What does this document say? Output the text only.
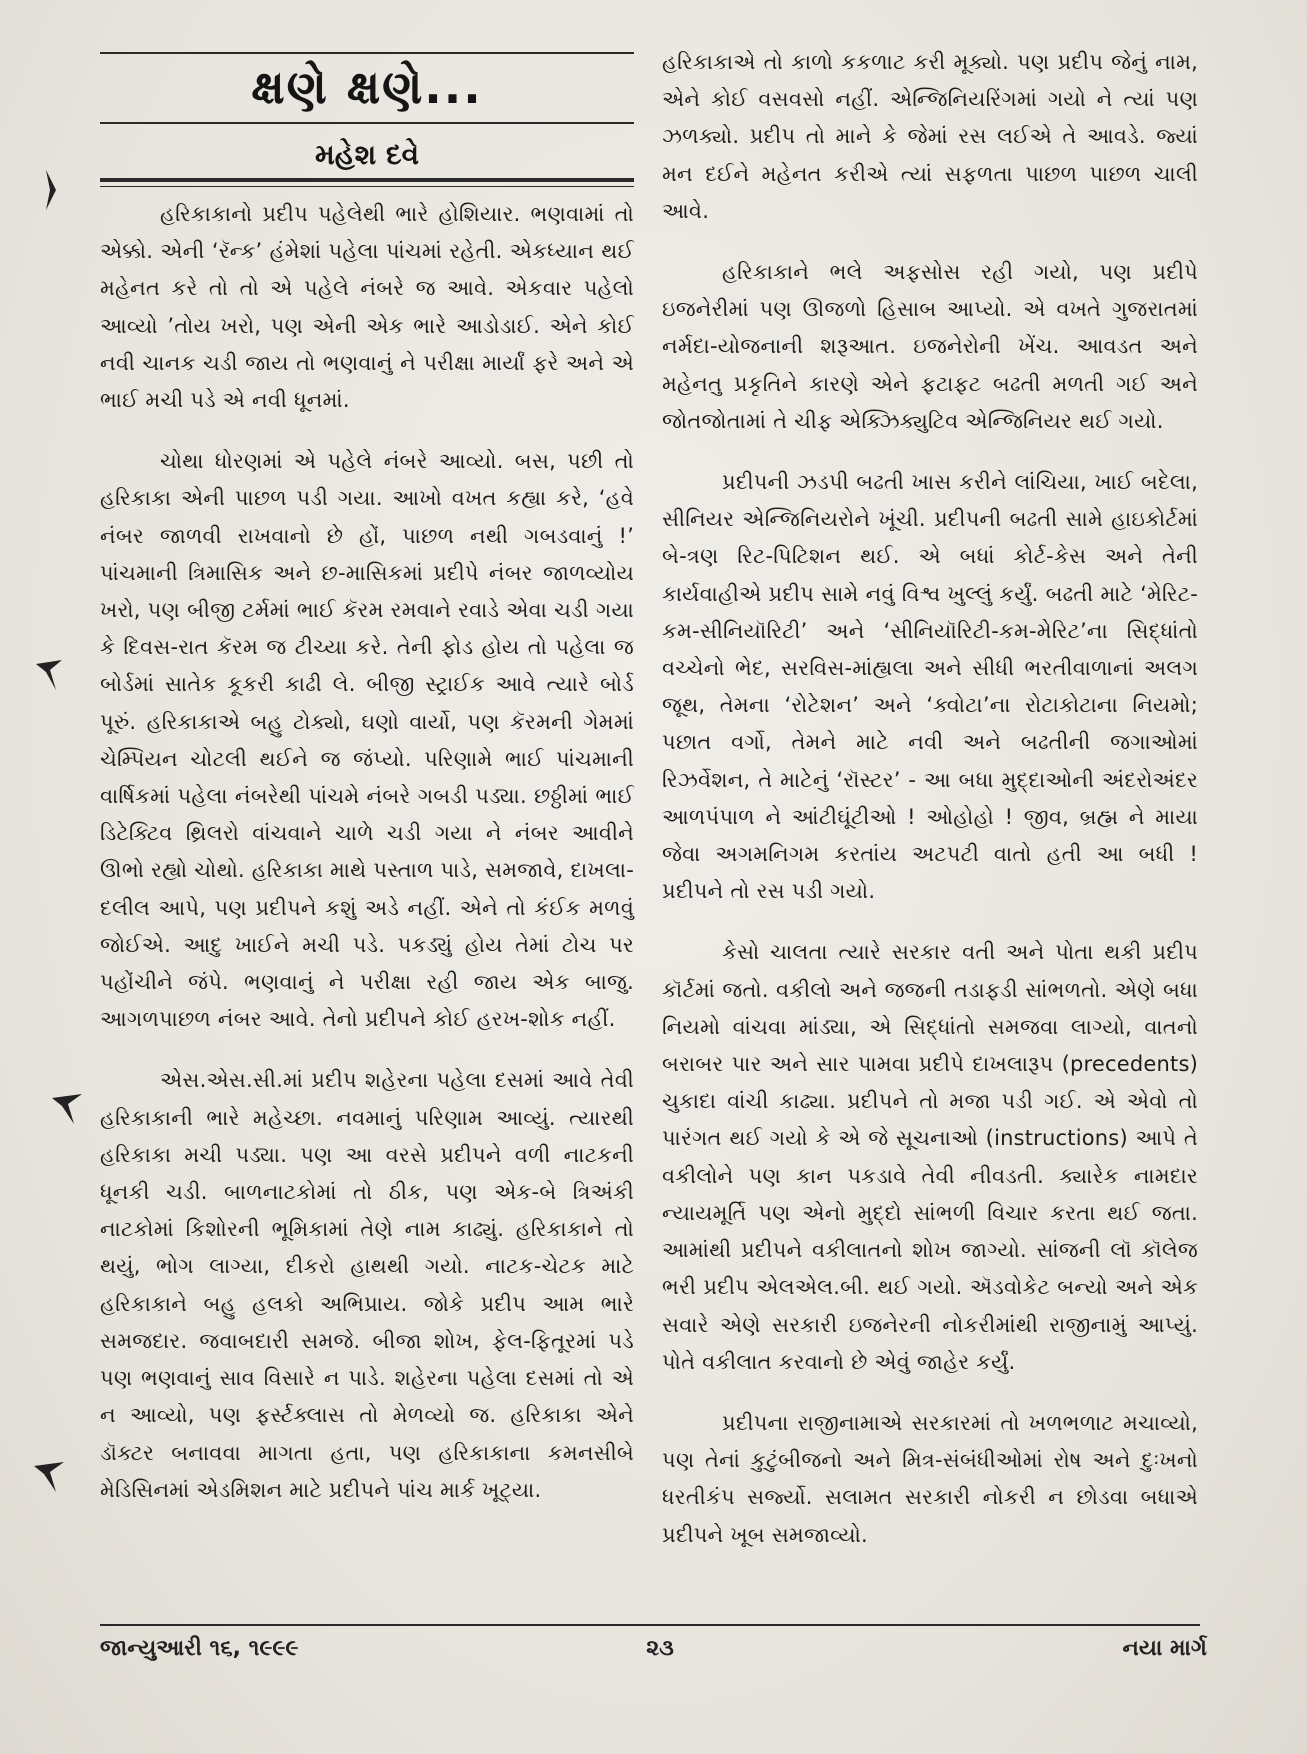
ક્ષણે ક્ષણે...
મહેશ દવે

હરિકાકાનો પ્રદીપ પહેલેથી ભારે હોશિયાર. ભણવામાં તો એક્કો. એની ‘રૅન્ક’ હંમેશાં પહેલા પાંચમાં રહેતી. એકધ્યાન થઈ મહેનત કરે તો તો એ પહેલે નંબરે જ આવે. એકવાર પહેલો આવ્યો ’તોય ખરો, પણ એની એક ભારે આડોડાઈ. એને કોઈ નવી ચાનક ચડી જાય તો ભણવાનું ને પરીક્ષા માર્યાં ફરે અને એ ભાઈ મચી પડે એ નવી ધૂનમાં.

ચોથા ધોરણમાં એ પહેલે નંબરે આવ્યો. બસ, પછી તો હરિકાકા એની પાછળ પડી ગયા. આખો વખત કહ્યા કરે, ‘હવે નંબર જાળવી રાખવાનો છે હોં, પાછળ નથી ગબડવાનું !’ પાંચમાની ત્રિમાસિક અને છ-માસિકમાં પ્રદીપે નંબર જાળવ્યોય ખરો, પણ બીજી ટર્મમાં ભાઈ કૅરમ રમવાને રવાડે એવા ચડી ગયા કે દિવસ-રાત કૅરમ જ ટીચ્યા કરે. તેની ફોડ હોય તો પહેલા જ બોર્ડમાં સાતેક કૂકરી કાઢી લે. બીજી સ્ટ્રાઈક આવે ત્યારે બોર્ડ પૂરું. હરિકાકાએ બહુ ટોક્યો, ઘણો વાર્યો, પણ કૅરમની ગેમમાં ચેમ્પિયન ચોટલી થઈને જ જંપ્યો. પરિણામે ભાઈ પાંચમાની વાર્ષિકમાં પહેલા નંબરેથી પાંચમે નંબરે ગબડી પડ્યા. છઠ્ઠીમાં ભાઈ ડિટેક્ટિવ થ્રિલરો વાંચવાને ચાળે ચડી ગયા ને નંબર આવીને ઊભો રહ્યો ચોથો. હરિકાકા માથે પસ્તાળ પાડે, સમજાવે, દાખલા-દલીલ આપે, પણ પ્રદીપને કશું અડે નહીં. એને તો કંઈક મળવું જોઈએ. આદુ ખાઈને મચી પડે. પકડ્યું હોય તેમાં ટોચ પર પહોંચીને જંપે. ભણવાનું ને પરીક્ષા રહી જાય એક બાજુ. આગળપાછળ નંબર આવે. તેનો પ્રદીપને કોઈ હરખ-શોક નહીં.

એસ.એસ.સી.માં પ્રદીપ શહેરના પહેલા દસમાં આવે તેવી હરિકાકાની ભારે મહેચ્છા. નવમાનું પરિણામ આવ્યું. ત્યારથી હરિકાકા મચી પડ્યા. પણ આ વરસે પ્રદીપને વળી નાટકની ધૂનકી ચડી. બાળનાટકોમાં તો ઠીક, પણ એક-બે ત્રિઅંકી નાટકોમાં કિશોરની ભૂમિકામાં તેણે નામ કાઢ્યું. હરિકાકાને તો થયું, ભોગ લાગ્યા, દીકરો હાથથી ગયો. નાટક-ચેટક માટે હરિકાકાને બહુ હલકો અભિપ્રાય. જોકે પ્રદીપ આમ ભારે સમજદાર. જવાબદારી સમજે. બીજા શોખ, ફેલ-ફિતૂરમાં પડે પણ ભણવાનું સાવ વિસારે ન પાડે. શહેરના પહેલા દસમાં તો એ ન આવ્યો, પણ ફર્સ્ટક્લાસ તો મેળવ્યો જ. હરિકાકા એને ડૉક્ટર બનાવવા માગતા હતા, પણ હરિકાકાના કમનસીબે મેડિસિનમાં એડમિશન માટે પ્રદીપને પાંચ માર્ક ખૂટ્યા.

હરિકાકાએ તો કાળો કકળાટ કરી મૂક્યો. પણ પ્રદીપ જેનું નામ, એને કોઈ વસવસો નહીં. એન્જિનિયરિંગમાં ગયો ને ત્યાં પણ ઝળક્યો. પ્રદીપ તો માને કે જેમાં રસ લઈએ તે આવડે. જ્યાં મન દઈને મહેનત કરીએ ત્યાં સફળતા પાછળ પાછળ ચાલી આવે.

હરિકાકાને ભલે અફસોસ રહી ગયો, પણ પ્રદીપે ઇજનેરીમાં પણ ઊજળો હિસાબ આપ્યો. એ વખતે ગુજરાતમાં નર્મદા-યોજનાની શરૂઆત. ઇજનેરોની ખેંચ. આવડત અને મહેનતુ પ્રકૃતિને કારણે એને ફટાફટ બઢતી મળતી ગઈ અને જોતજોતામાં તે ચીફ એક્ઝિક્યુટિવ એન્જિનિયર થઈ ગયો.

પ્રદીપની ઝડપી બઢતી ખાસ કરીને લાંચિયા, ખાઈ બદેલા, સીનિયર એન્જિનિયરોને ખૂંચી. પ્રદીપની બઢતી સામે હાઇકોર્ટમાં બે-ત્રણ રિટ-પિટિશન થઈ. એ બધાં કોર્ટ-કેસ અને તેની કાર્યવાહીએ પ્રદીપ સામે નવું વિશ્વ ખુલ્લું કર્યું. બઢતી માટે ‘મેરિટ-કમ-સીનિયૉરિટી’ અને ‘સીનિયૉરિટી-કમ-મેરિટ’ના સિદ્ધાંતો વચ્ચેનો ભેદ, સરવિસ-માંહ્યલા અને સીધી ભરતીવાળાનાં અલગ જૂથ, તેમના ‘રોટેશન’ અને ‘ક્વોટા’ના રોટાકોટાના નિયમો; પછાત વર્ગો, તેમને માટે નવી અને બઢતીની જગાઓમાં રિઝર્વેશન, તે માટેનું ‘રૉસ્ટર’ - આ બધા મુદ્દાઓની અંદરોઅંદર આળપંપાળ ને આંટીઘૂંટીઓ ! ઓહોહો ! જીવ, બ્રહ્મ ને માયા જેવા અગમનિગમ કરતાંય અટપટી વાતો હતી આ બધી ! પ્રદીપને તો રસ પડી ગયો.

કેસો ચાલતા ત્યારે સરકાર વતી અને પોતા થકી પ્રદીપ કૉર્ટમાં જતો. વકીલો અને જજની તડાફડી સાંભળતો. એણે બધા નિયમો વાંચવા માંડ્યા, એ સિદ્ધાંતો સમજવા લાગ્યો, વાતનો બરાબર પાર અને સાર પામવા પ્રદીપે દાખલારૂપ (precedents) ચુકાદા વાંચી કાઢ્યા. પ્રદીપને તો મજા પડી ગઈ. એ એવો તો પારંગત થઈ ગયો કે એ જે સૂચનાઓ (instructions) આપે તે વકીલોને પણ કાન પકડાવે તેવી નીવડતી. ક્યારેક નામદાર ન્યાયમૂર્તિ પણ એનો મુદ્દો સાંભળી વિચાર કરતા થઈ જતા. આમાંથી પ્રદીપને વકીલાતનો શોખ જાગ્યો. સાંજની લૉ કૉલેજ ભરી પ્રદીપ એલએલ.બી. થઈ ગયો. ઍડવોકેટ બન્યો અને એક સવારે એણે સરકારી ઇજનેરની નોકરીમાંથી રાજીનામું આપ્યું. પોતે વકીલાત કરવાનો છે એવું જાહેર કર્યું.

પ્રદીપના રાજીનામાએ સરકારમાં તો ખળભળાટ મચાવ્યો, પણ તેનાં કુટુંબીજનો અને મિત્ર-સંબંધીઓમાં રોષ અને દુઃખનો ધરતીકંપ સર્જ્યો. સલામત સરકારી નોકરી ન છોડવા બધાએ પ્રદીપને ખૂબ સમજાવ્યો.

જાન્યુઆરી ૧૬, ૧૯૯૯	૨૩	નયા માર્ગ
